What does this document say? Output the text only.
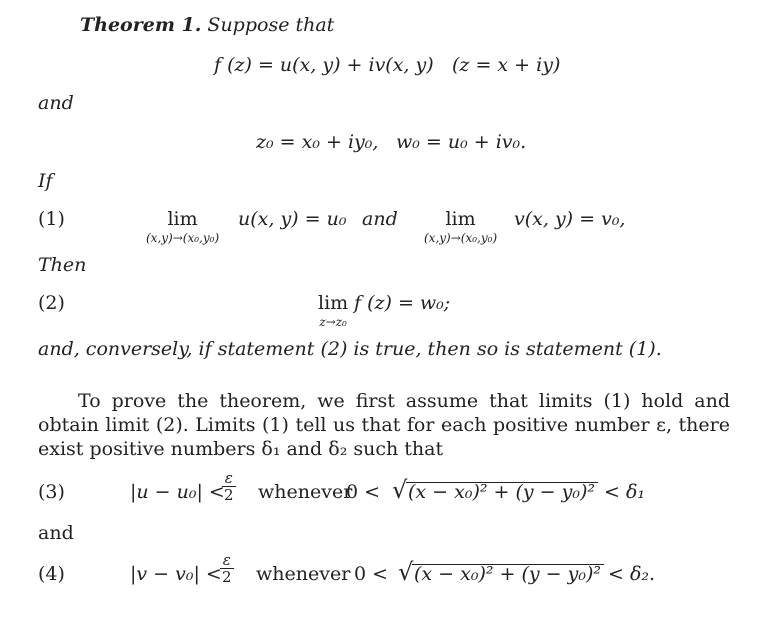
Theorem 1. Suppose that
f (z) = u(x, y) + iv(x, y) (z = x + iy)
and
z₀ = x₀ + iy₀, w₀ = u₀ + iv₀.
If
(1)	lim
(x,y)→(x₀,y₀)
u(x, y) = u₀ and	lim
(x,y)→(x₀,y₀)
v(x, y) = v₀,
Then
(2)	lim
z→z₀
f (z) = w₀;
and, conversely, if statement (2) is true, then so is statement (1).

To prove the theorem, we first assume that limits (1) hold and obtain limit (2). Limits (1) tell us that for each positive number ε, there exist positive numbers δ₁ and δ₂ such that

(3)	|u − u₀| <
$\frac{\varepsilon}{2}$ whenever
0 < √ (x − x₀)² + (y − y₀)² < δ₁
and
(4)	|v − v₀| <
$\frac{\varepsilon}{2}$ whenever 0 < √ (x − x₀)² + (y − y₀)² < δ₂.
